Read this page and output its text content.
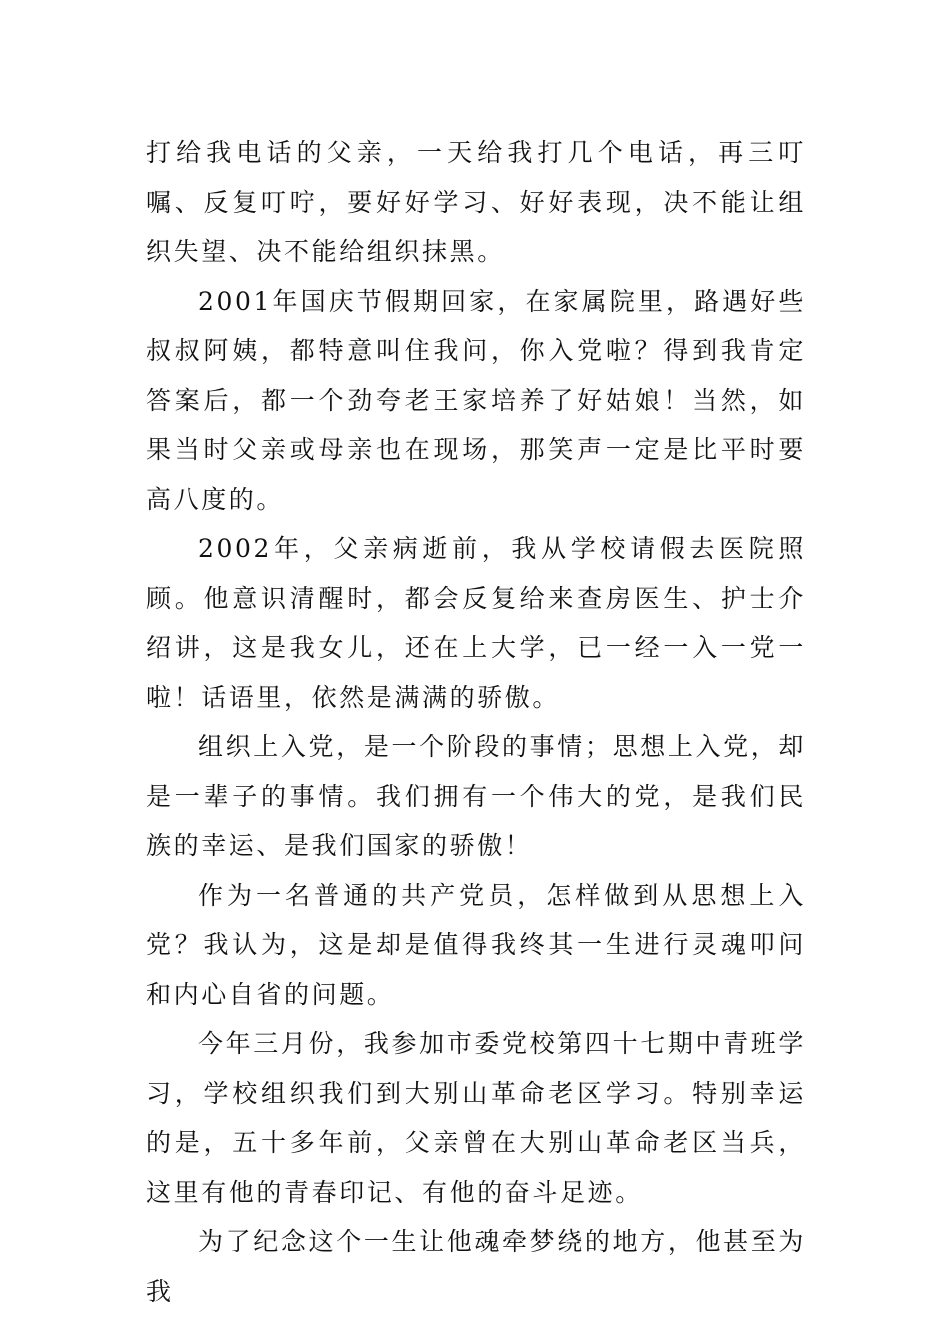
打给我电话的父亲，一天给我打几个电话，再三叮嘱、反复叮咛，要好好学习、好好表现，决不能让组织失望、决不能给组织抹黑。

2001年国庆节假期回家，在家属院里，路遇好些叔叔阿姨，都特意叫住我问，你入党啦？得到我肯定答案后，都一个劲夸老王家培养了好姑娘！当然，如果当时父亲或母亲也在现场，那笑声一定是比平时要高八度的。

2002年，父亲病逝前，我从学校请假去医院照顾。他意识清醒时，都会反复给来查房医生、护士介绍讲，这是我女儿，还在上大学，已一经一入一党一啦！话语里，依然是满满的骄傲。

组织上入党，是一个阶段的事情；思想上入党，却是一辈子的事情。我们拥有一个伟大的党，是我们民族的幸运、是我们国家的骄傲！

作为一名普通的共产党员，怎样做到从思想上入党？我认为，这是却是值得我终其一生进行灵魂叩问和内心自省的问题。

今年三月份，我参加市委党校第四十七期中青班学习，学校组织我们到大别山革命老区学习。特别幸运的是，五十多年前，父亲曾在大别山革命老区当兵，这里有他的青春印记、有他的奋斗足迹。

为了纪念这个一生让他魂牵梦绕的地方，他甚至为我
